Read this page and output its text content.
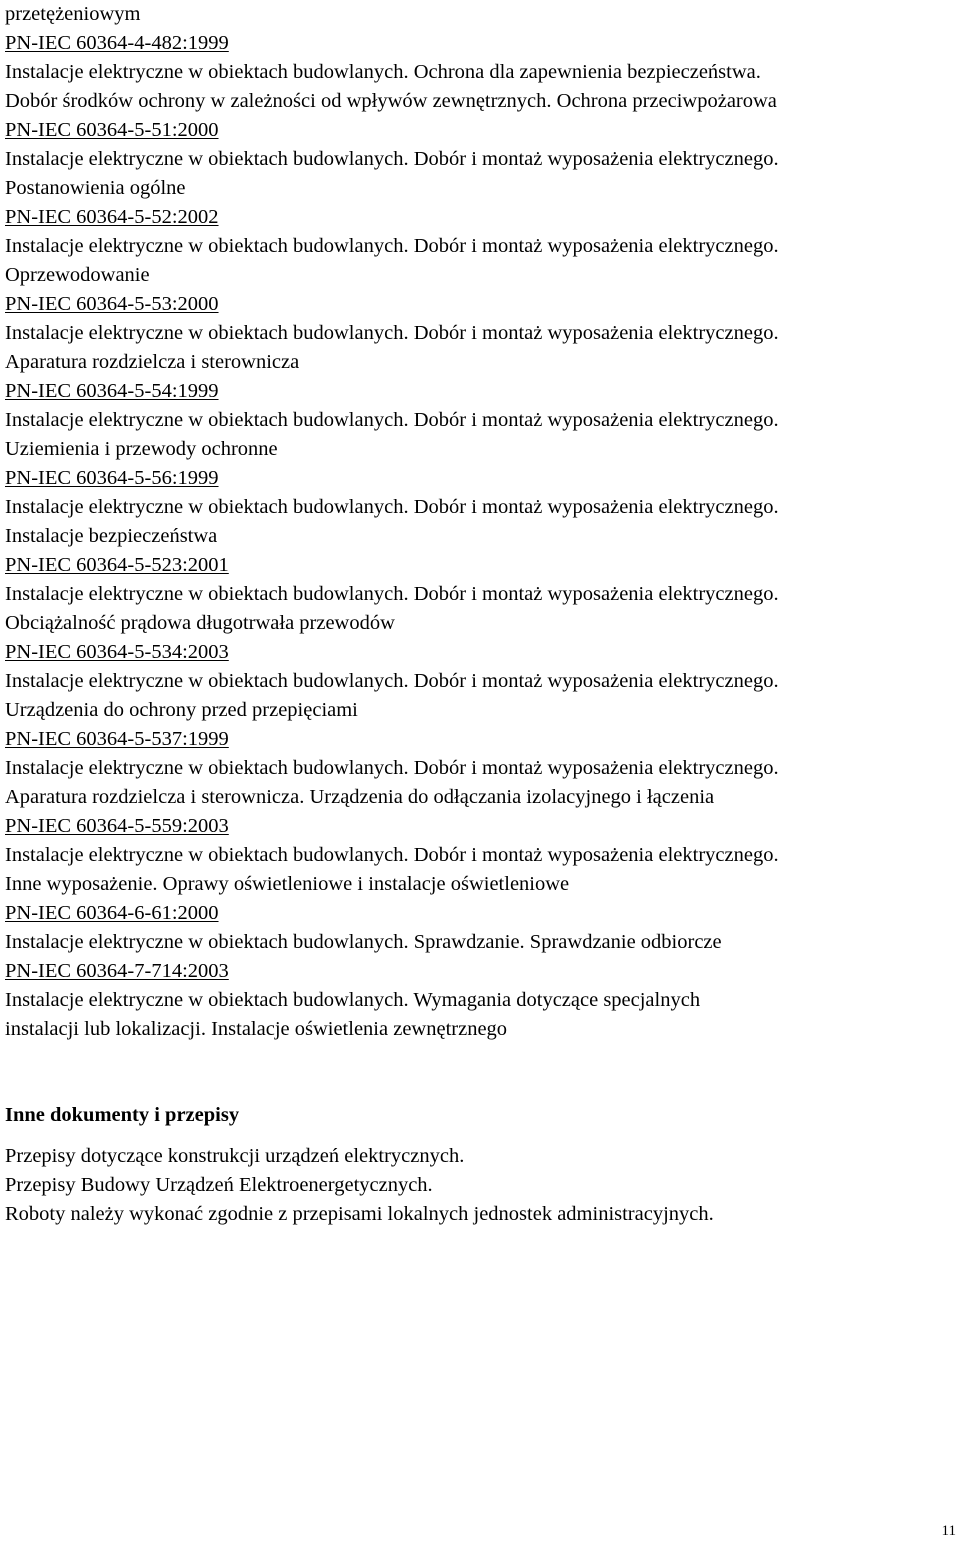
przetężeniowym
PN-IEC 60364-4-482:1999
Instalacje elektryczne w obiektach budowlanych. Ochrona dla zapewnienia bezpieczeństwa.
Dobór środków ochrony w zależności od wpływów zewnętrznych. Ochrona przeciwpożarowa
PN-IEC 60364-5-51:2000
Instalacje elektryczne w obiektach budowlanych. Dobór i montaż wyposażenia elektrycznego.
Postanowienia ogólne
PN-IEC 60364-5-52:2002
Instalacje elektryczne w obiektach budowlanych. Dobór i montaż wyposażenia elektrycznego.
Oprzewodowanie
PN-IEC 60364-5-53:2000
Instalacje elektryczne w obiektach budowlanych. Dobór i montaż wyposażenia elektrycznego.
Aparatura rozdzielcza i sterownicza
PN-IEC 60364-5-54:1999
Instalacje elektryczne w obiektach budowlanych. Dobór i montaż wyposażenia elektrycznego.
Uziemienia i przewody ochronne
PN-IEC 60364-5-56:1999
Instalacje elektryczne w obiektach budowlanych. Dobór i montaż wyposażenia elektrycznego.
Instalacje bezpieczeństwa
PN-IEC 60364-5-523:2001
Instalacje elektryczne w obiektach budowlanych. Dobór i montaż wyposażenia elektrycznego.
Obciążalność prądowa długotrwała przewodów
PN-IEC 60364-5-534:2003
Instalacje elektryczne w obiektach budowlanych. Dobór i montaż wyposażenia elektrycznego.
Urządzenia do ochrony przed przepięciami
PN-IEC 60364-5-537:1999
Instalacje elektryczne w obiektach budowlanych. Dobór i montaż wyposażenia elektrycznego.
Aparatura rozdzielcza i sterownicza. Urządzenia do odłączania izolacyjnego i łączenia
PN-IEC 60364-5-559:2003
Instalacje elektryczne w obiektach budowlanych. Dobór i montaż wyposażenia elektrycznego.
Inne wyposażenie. Oprawy oświetleniowe i instalacje oświetleniowe
PN-IEC 60364-6-61:2000
Instalacje elektryczne w obiektach budowlanych. Sprawdzanie. Sprawdzanie odbiorcze
PN-IEC 60364-7-714:2003
Instalacje elektryczne w obiektach budowlanych. Wymagania dotyczące specjalnych
instalacji lub lokalizacji. Instalacje oświetlenia zewnętrznego
Inne dokumenty i przepisy
Przepisy dotyczące konstrukcji urządzeń elektrycznych.
Przepisy Budowy Urządzeń Elektroenergetycznych.
Roboty należy wykonać zgodnie z przepisami lokalnych jednostek administracyjnych.
11
